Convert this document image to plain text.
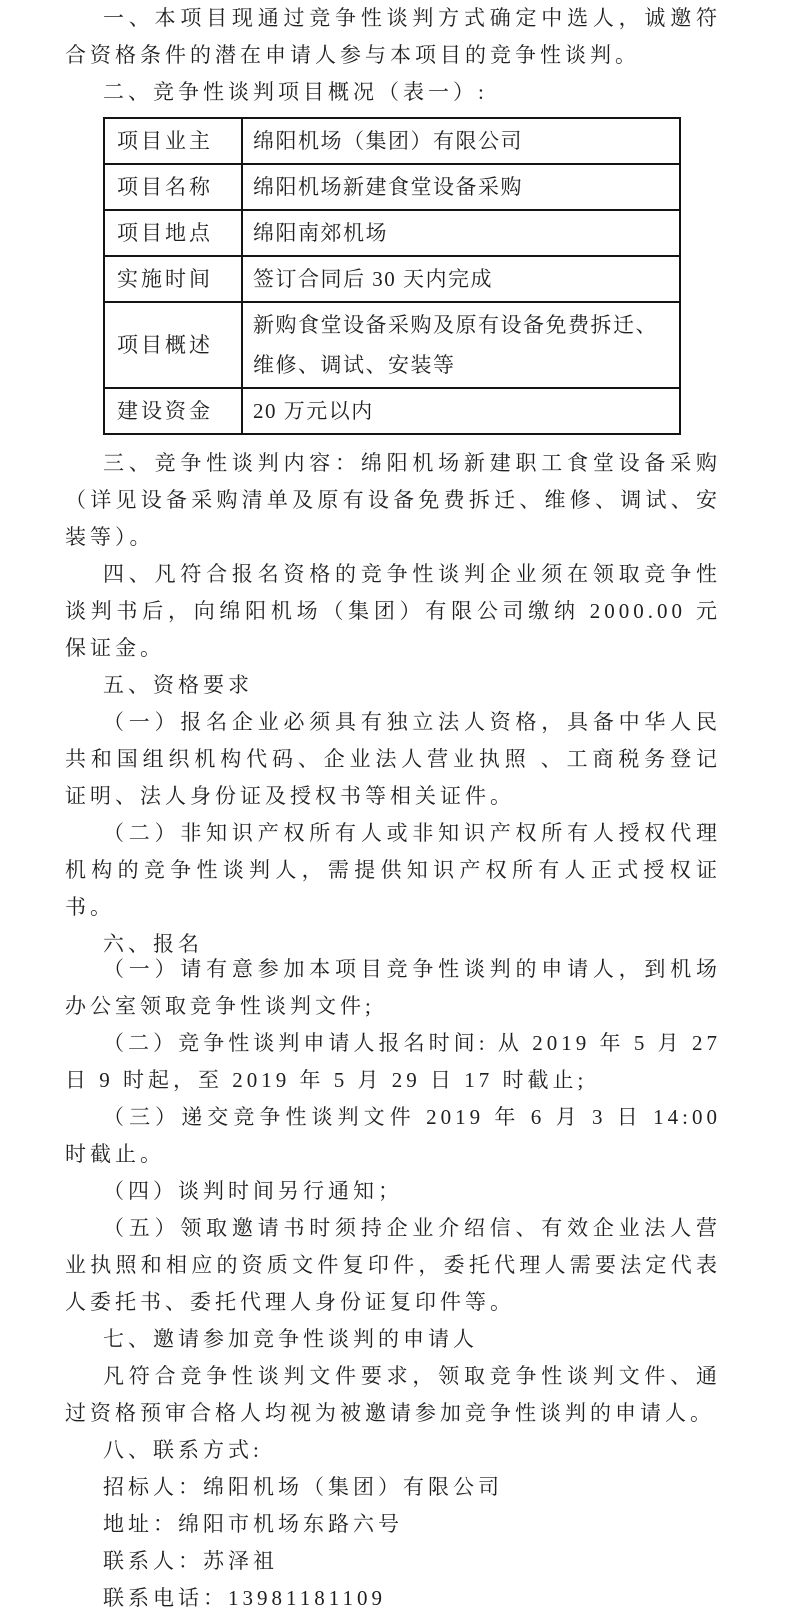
一、本项目现通过竞争性谈判方式确定中选人，诚邀符合资格条件的潜在申请人参与本项目的竞争性谈判。

二、竞争性谈判项目概况（表一）:

项目业主	绵阳机场（集团）有限公司
项目名称	绵阳机场新建食堂设备采购
项目地点	绵阳南郊机场
实施时间	签订合同后 30 天内完成
项目概述	新购食堂设备采购及原有设备免费拆迁、维修、调试、安装等
建设资金	20 万元以内

三、竞争性谈判内容：绵阳机场新建职工食堂设备采购（详见设备采购清单及原有设备免费拆迁、维修、调试、安装等）。

四、凡符合报名资格的竞争性谈判企业须在领取竞争性谈判书后，向绵阳机场（集团）有限公司缴纳 2000.00 元保证金。

五、资格要求

（一）报名企业必须具有独立法人资格，具备中华人民共和国组织机构代码、企业法人营业执照 、工商税务登记证明、法人身份证及授权书等相关证件。

（二）非知识产权所有人或非知识产权所有人授权代理机构的竞争性谈判人，需提供知识产权所有人正式授权证书。

六、报名

（一）请有意参加本项目竞争性谈判的申请人，到机场办公室领取竞争性谈判文件;

（二）竞争性谈判申请人报名时间: 从 2019 年 5 月 27 日 9 时起，至 2019 年 5 月 29 日 17 时截止;

（三）递交竞争性谈判文件 2019 年 6 月 3 日 14:00 时截止。

（四）谈判时间另行通知；

（五）领取邀请书时须持企业介绍信、有效企业法人营业执照和相应的资质文件复印件，委托代理人需要法定代表人委托书、委托代理人身份证复印件等。

七、邀请参加竞争性谈判的申请人

凡符合竞争性谈判文件要求，领取竞争性谈判文件、通过资格预审合格人均视为被邀请参加竞争性谈判的申请人。

八、联系方式:

招标人：绵阳机场（集团）有限公司

地址：绵阳市机场东路六号

联系人：苏泽祖

联系电话：13981181109
